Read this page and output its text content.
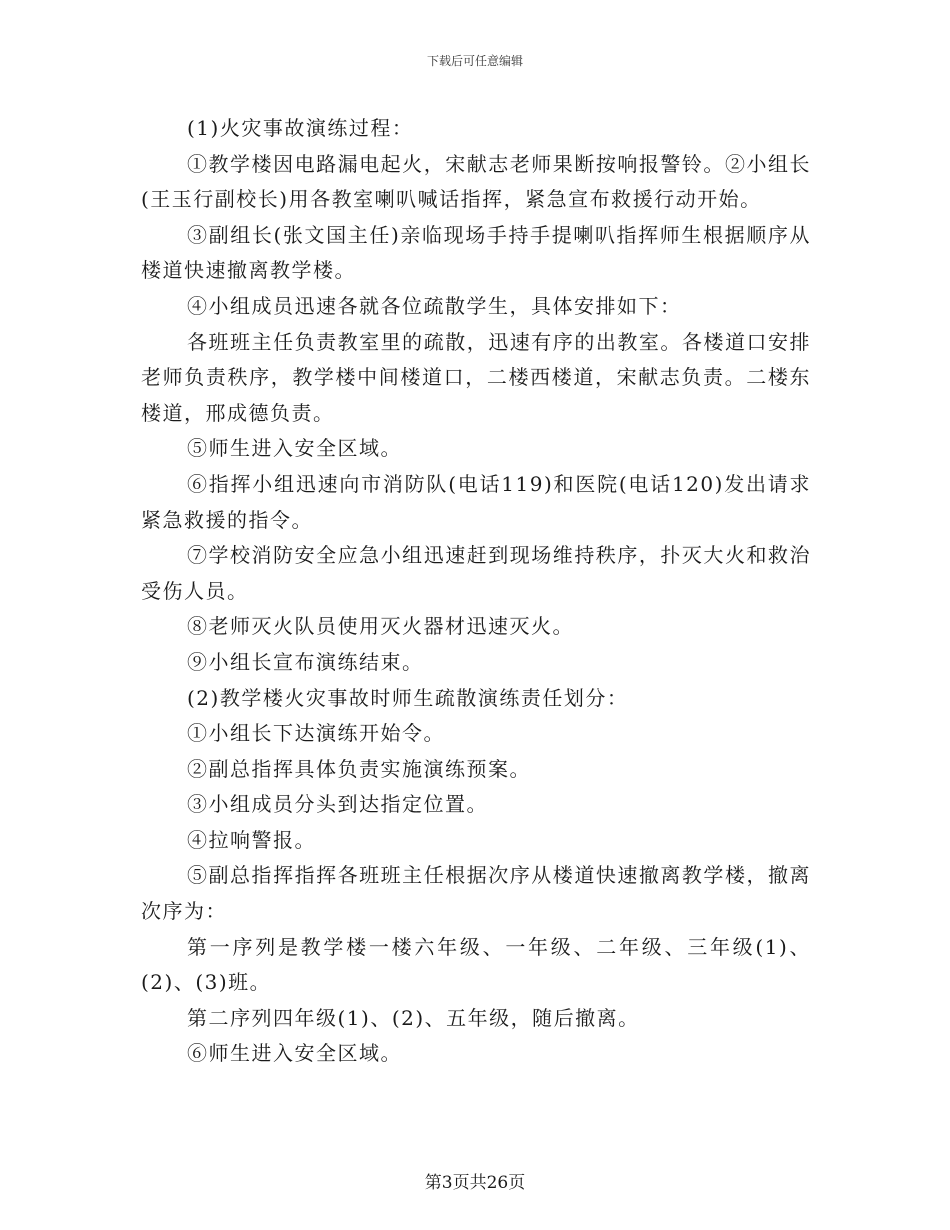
下载后可任意编辑

(1)火灾事故演练过程：

①教学楼因电路漏电起火，宋献志老师果断按响报警铃。②小组长(王玉行副校长)用各教室喇叭喊话指挥，紧急宣布救援行动开始。

③副组长(张文国主任)亲临现场手持手提喇叭指挥师生根据顺序从楼道快速撤离教学楼。

④小组成员迅速各就各位疏散学生，具体安排如下：

各班班主任负责教室里的疏散，迅速有序的出教室。各楼道口安排老师负责秩序，教学楼中间楼道口，二楼西楼道，宋献志负责。二楼东楼道，邢成德负责。

⑤师生进入安全区域。

⑥指挥小组迅速向市消防队(电话119)和医院(电话120)发出请求紧急救援的指令。

⑦学校消防安全应急小组迅速赶到现场维持秩序，扑灭大火和救治受伤人员。

⑧老师灭火队员使用灭火器材迅速灭火。

⑨小组长宣布演练结束。

(2)教学楼火灾事故时师生疏散演练责任划分：

①小组长下达演练开始令。

②副总指挥具体负责实施演练预案。

③小组成员分头到达指定位置。

④拉响警报。

⑤副总指挥指挥各班班主任根据次序从楼道快速撤离教学楼，撤离次序为：

第一序列是教学楼一楼六年级、一年级、二年级、三年级(1)、(2)、(3)班。

第二序列四年级(1)、(2)、五年级，随后撤离。

⑥师生进入安全区域。

第3页共26页
